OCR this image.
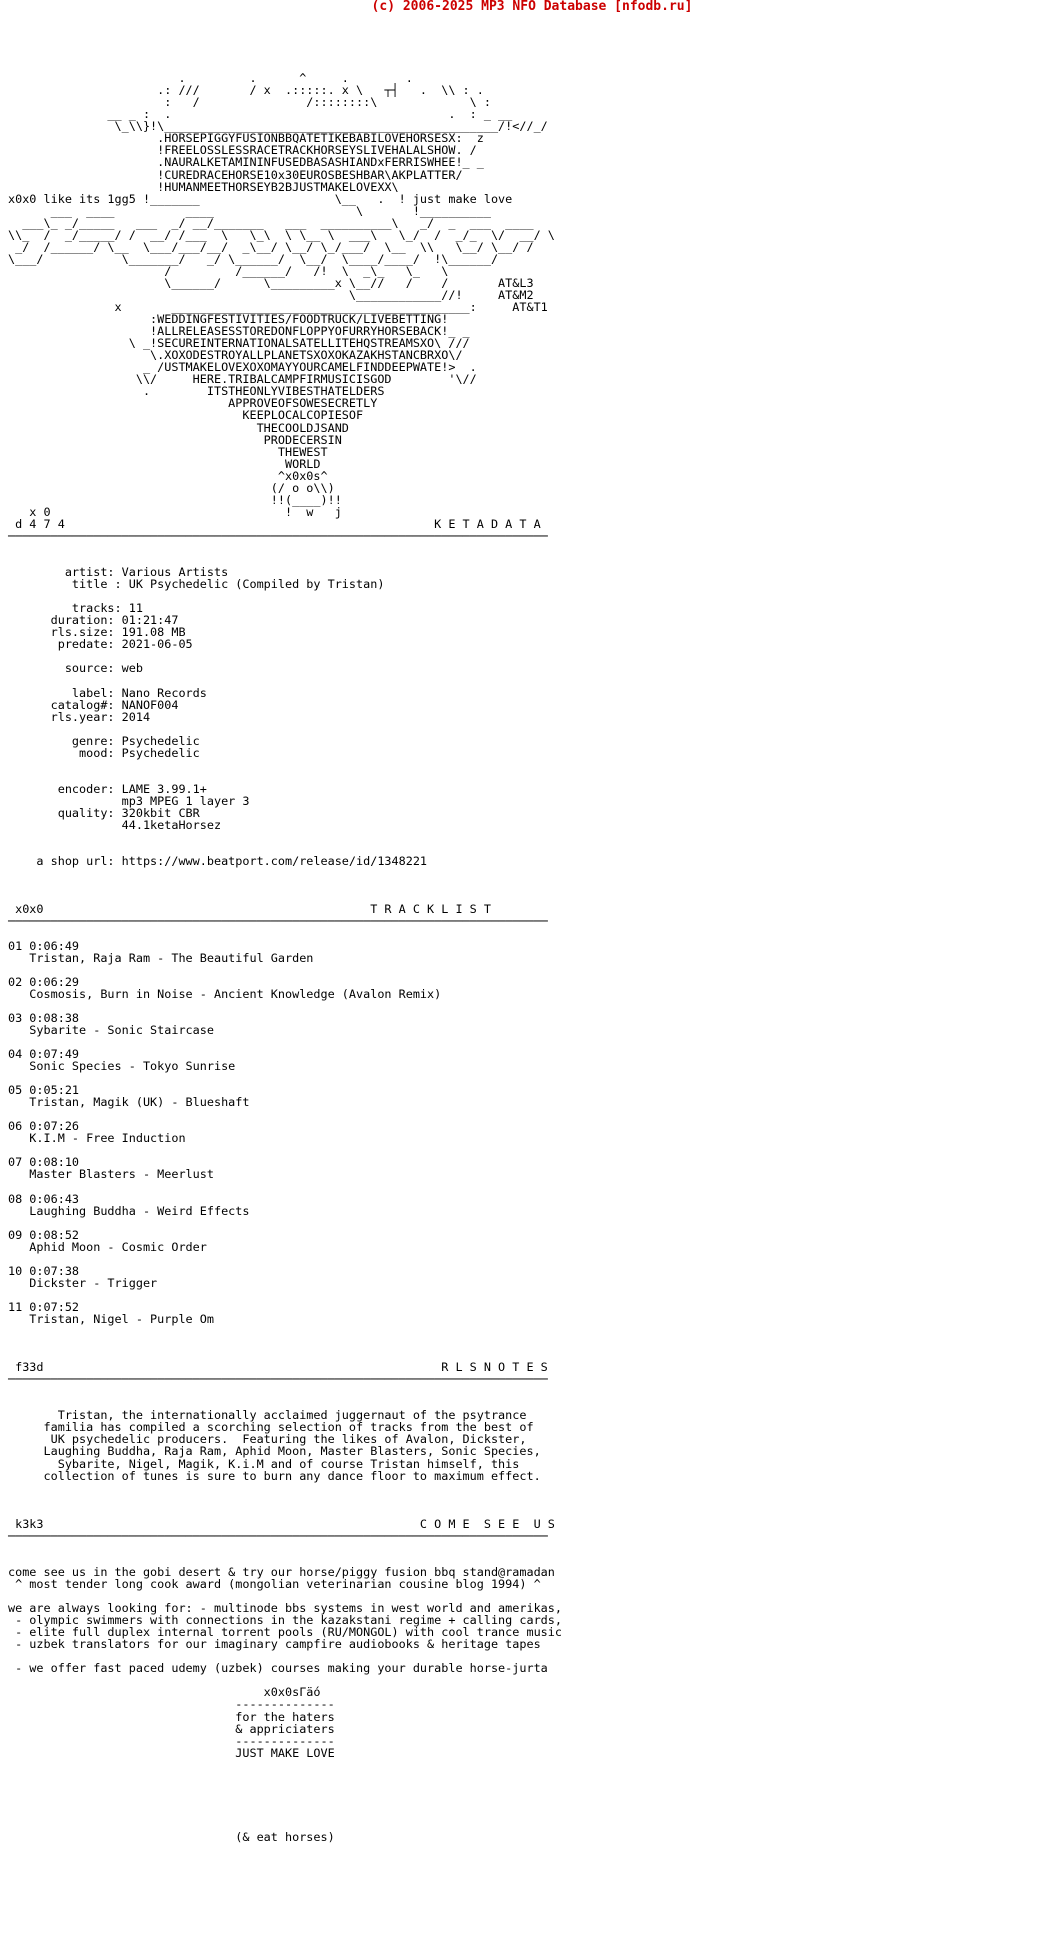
(c) 2006-2025 MP3 NFO Database [nfodb.ru]

.         .      ^     .        .
.: ///       / x  .:::::. x \   ┬┤   .  \\ : .
:   /               /::::::::\             \ :
__ _ :  .                                       .  : _ __
\_\\}!\_______________________________________________/!<//_/
.HORSEPIGGYFUSIONBBQATETIKEBABILOVEHORSESX:  z
!FREELOSSLESSRACETRACKHORSEYSLIVEHALALSHOW. /
.NAURALKETAMININFUSEDBASASHIANDxFERRISWHEE!_ _
!CUREDRACEHORSE10x30EUROSBESHBAR\AKPLATTER/
!HUMANMEETHORSEYB2BJUSTMAKELOVEXX\
x0x0 like its 1gg5 !_______                   \__   .  ! just make love
___  ____          ____                    \       !__________
___\_ _/_____   ___  _/ __/_______   ___  __________\   _/  _  ___  ____
\\_  /  _/_____/ /  __/ /___  \   \_\  \ \__ \  ___\   \_/  /  _/_  \/  __/ \
_/  /______/ \__  \___/___/__/  _\__/ \__/ \_/___/  \__  \\   \__/ \__/ /
\___/           \_______/   _/ \______/  \__/  \____/____/  !\______/
/         /______/   /!  \  _\_   \_   \
\______/      \_________x \__//   /    /       AT&L3
\____________//!     AT&M2
x       __________________________________________:     AT&T1
:WEDDINGFESTIVITIES/FOODTRUCK/LIVEBETTING!
!ALLRELEASESSTOREDONFLOPPYOFURRYHORSEBACK!_ _
\ _!SECUREINTERNATIONALSATELLITEHQSTREAMSXO\ ///
\.XOXODESTROYALLPLANETSXOXOKAZAKHSTANCBRXO\/
_ /USTMAKELOVEXOXOMAYYOURCAMELFINDDEEPWATE!>  .
\\/     HERE.TRIBALCAMPFIRMUSICISGOD        '\//
.        ITSTHEONLYVIBESTHATELDERS
APPROVEOFSOWESECRETLY
KEEPLOCALCOPIESOF
THECOOLDJSAND
PRODECERSIN
THEWEST
WORLD
^x0x0s^
(/ o o\\)
!!(____)!!
x 0                                 !  w   j
d 4 7 4                                                    K E T A D A T A
────────────────────────────────────────────────────────────────────────────

artist: Various Artists
title : UK Psychedelic (Compiled by Tristan)

tracks: 11
duration: 01:21:47
rls.size: 191.08 MB
predate: 2021-06-05

source: web

label: Nano Records
catalog#: NANOF004
rls.year: 2014

genre: Psychedelic
mood: Psychedelic

encoder: LAME 3.99.1+
mp3 MPEG 1 layer 3
quality: 320kbit CBR
44.1ketaHorsez

a shop url: https://www.beatport.com/release/id/1348221

x0x0                                              T R A C K L I S T
────────────────────────────────────────────────────────────────────────────

01 0:06:49
Tristan, Raja Ram - The Beautiful Garden

02 0:06:29
Cosmosis, Burn in Noise - Ancient Knowledge (Avalon Remix)

03 0:08:38
Sybarite - Sonic Staircase

04 0:07:49
Sonic Species - Tokyo Sunrise

05 0:05:21
Tristan, Magik (UK) - Blueshaft

06 0:07:26
K.I.M - Free Induction

07 0:08:10
Master Blasters - Meerlust

08 0:06:43
Laughing Buddha - Weird Effects

09 0:08:52
Aphid Moon - Cosmic Order

10 0:07:38
Dickster - Trigger

11 0:07:52
Tristan, Nigel - Purple Om

f33d                                                        R L S N O T E S
────────────────────────────────────────────────────────────────────────────

Tristan, the internationally acclaimed juggernaut of the psytrance
familia has compiled a scorching selection of tracks from the best of
UK psychedelic producers.  Featuring the likes of Avalon, Dickster,
Laughing Buddha, Raja Ram, Aphid Moon, Master Blasters, Sonic Species,
Sybarite, Nigel, Magik, K.i.M and of course Tristan himself, this
collection of tunes is sure to burn any dance floor to maximum effect.

k3k3                                                     C O M E  S E E  U S
────────────────────────────────────────────────────────────────────────────

come see us in the gobi desert & try our horse/piggy fusion bbq stand@ramadan
^ most tender long cook award (mongolian veterinarian cousine blog 1994) ^

we are always looking for: - multinode bbs systems in west world and amerikas,
- olympic swimmers with connections in the kazakstani regime + calling cards,
- elite full duplex internal torrent pools (RU/MONGOL) with cool trance music
- uzbek translators for our imaginary campfire audiobooks & heritage tapes

- we offer fast paced udemy (uzbek) courses making your durable horse-jurta

x0x0sГäó
--------------
for the haters
& appriciaters
--------------
JUST MAKE LOVE

(& eat horses)
